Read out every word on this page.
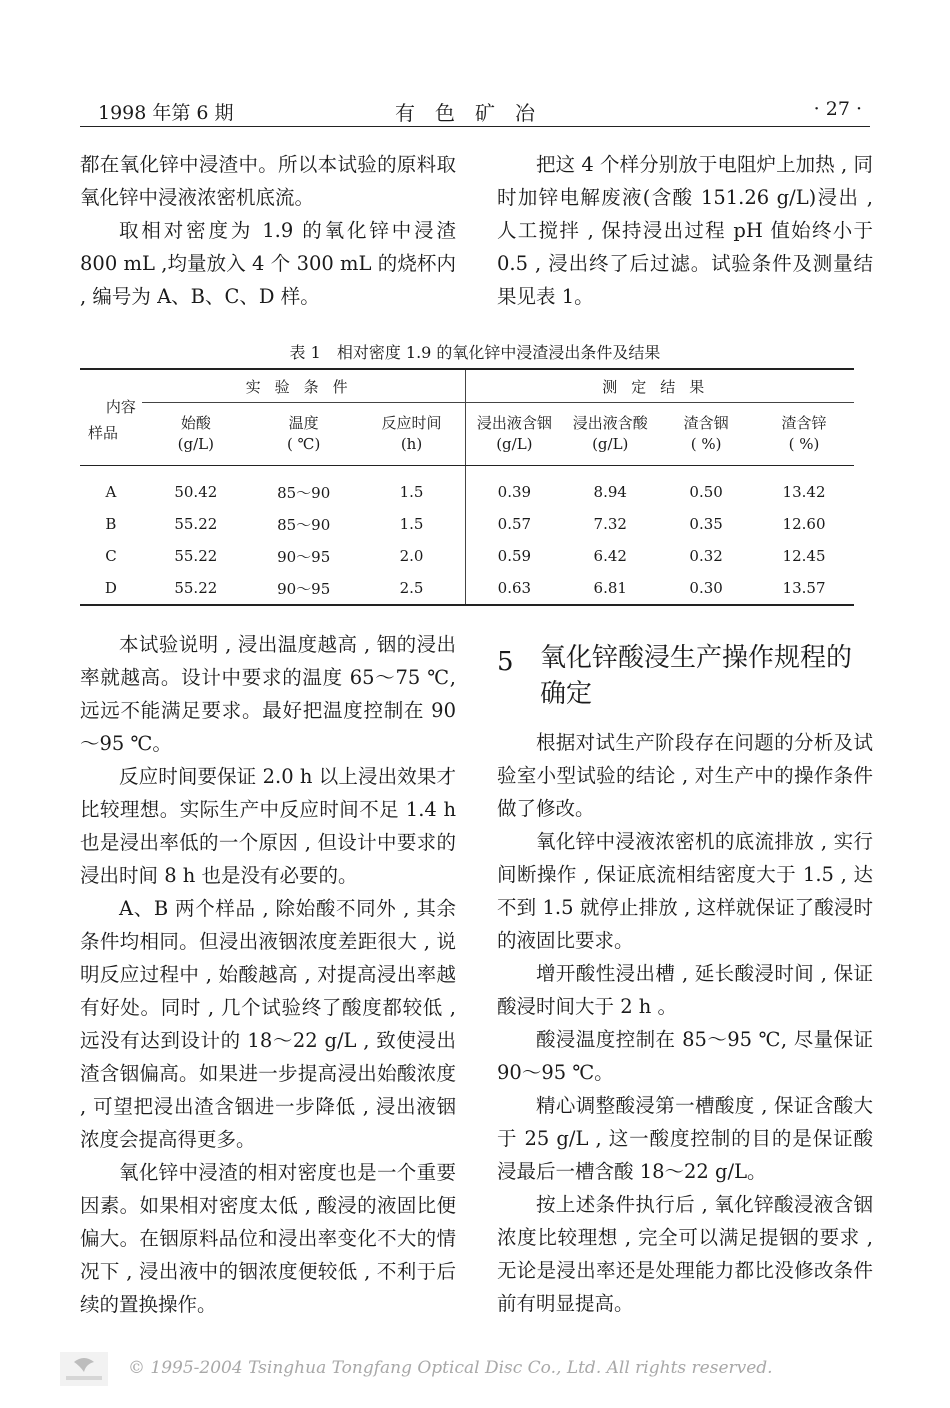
1998 年第 6 期	有色矿冶	· 27 ·

都在氧化锌中浸渣中。所以本试验的原料取氧化锌中浸液浓密机底流。

取相对密度为 1.9 的氧化锌中浸渣 800 mL ,均量放入 4 个 300 mL 的烧杯内 , 编号为 A、B、C、D 样。

把这 4 个样分别放于电阻炉上加热 , 同时加锌电解废液(含酸 151.26 g/L)浸出 , 人工搅拌 , 保持浸出过程 pH 值始终小于 0.5 , 浸出终了后过滤。试验条件及测量结果见表 1。

表 1　相对密度 1.9 的氧化锌中浸渣浸出条件及结果
内容
样品	实验条件			测定结果			
	始酸	温度	反应时间	浸出液含铟	浸出液含酸	渣含铟	渣含锌
	(g/L)	( ℃)	(h)	(g/L)	(g/L)	( %)	( %)
A	50.42	85～90	1.5	0.39	8.94	0.50	13.42
B	55.22	85～90	1.5	0.57	7.32	0.35	12.60
C	55.22	90～95	2.0	0.59	6.42	0.32	12.45
D	55.22	90～95	2.5	0.63	6.81	0.30	13.57

本试验说明 , 浸出温度越高 , 铟的浸出率就越高。设计中要求的温度 65～75 ℃, 远远不能满足要求。最好把温度控制在 90～95 ℃。

反应时间要保证 2.0 h 以上浸出效果才比较理想。实际生产中反应时间不足 1.4 h 也是浸出率低的一个原因 , 但设计中要求的浸出时间 8 h 也是没有必要的。

A、B 两个样品 , 除始酸不同外 , 其余条件均相同。但浸出液铟浓度差距很大 , 说明反应过程中 , 始酸越高 , 对提高浸出率越有好处。同时 , 几个试验终了酸度都较低 , 远没有达到设计的 18～22 g/L , 致使浸出渣含铟偏高。如果进一步提高浸出始酸浓度 , 可望把浸出渣含铟进一步降低 , 浸出液铟浓度会提高得更多。

氧化锌中浸渣的相对密度也是一个重要因素。如果相对密度太低 , 酸浸的液固比便偏大。在铟原料品位和浸出率变化不大的情况下 , 浸出液中的铟浓度便较低 , 不利于后续的置换操作。

5 氧化锌酸浸生产操作规程的确定

根据对试生产阶段存在问题的分析及试验室小型试验的结论 , 对生产中的操作条件做了修改。

氧化锌中浸液浓密机的底流排放 , 实行间断操作 , 保证底流相结密度大于 1.5 , 达不到 1.5 就停止排放 , 这样就保证了酸浸时的液固比要求。

增开酸性浸出槽 , 延长酸浸时间 , 保证酸浸时间大于 2 h 。

酸浸温度控制在 85～95 ℃, 尽量保证 90～95 ℃。

精心调整酸浸第一槽酸度 , 保证含酸大于 25 g/L , 这一酸度控制的目的是保证酸浸最后一槽含酸 18～22 g/L。

按上述条件执行后 , 氧化锌酸浸液含铟浓度比较理想 , 完全可以满足提铟的要求 , 无论是浸出率还是处理能力都比没修改条件前有明显提高。

© 1995-2004 Tsinghua Tongfang Optical Disc Co., Ltd. All rights reserved.
